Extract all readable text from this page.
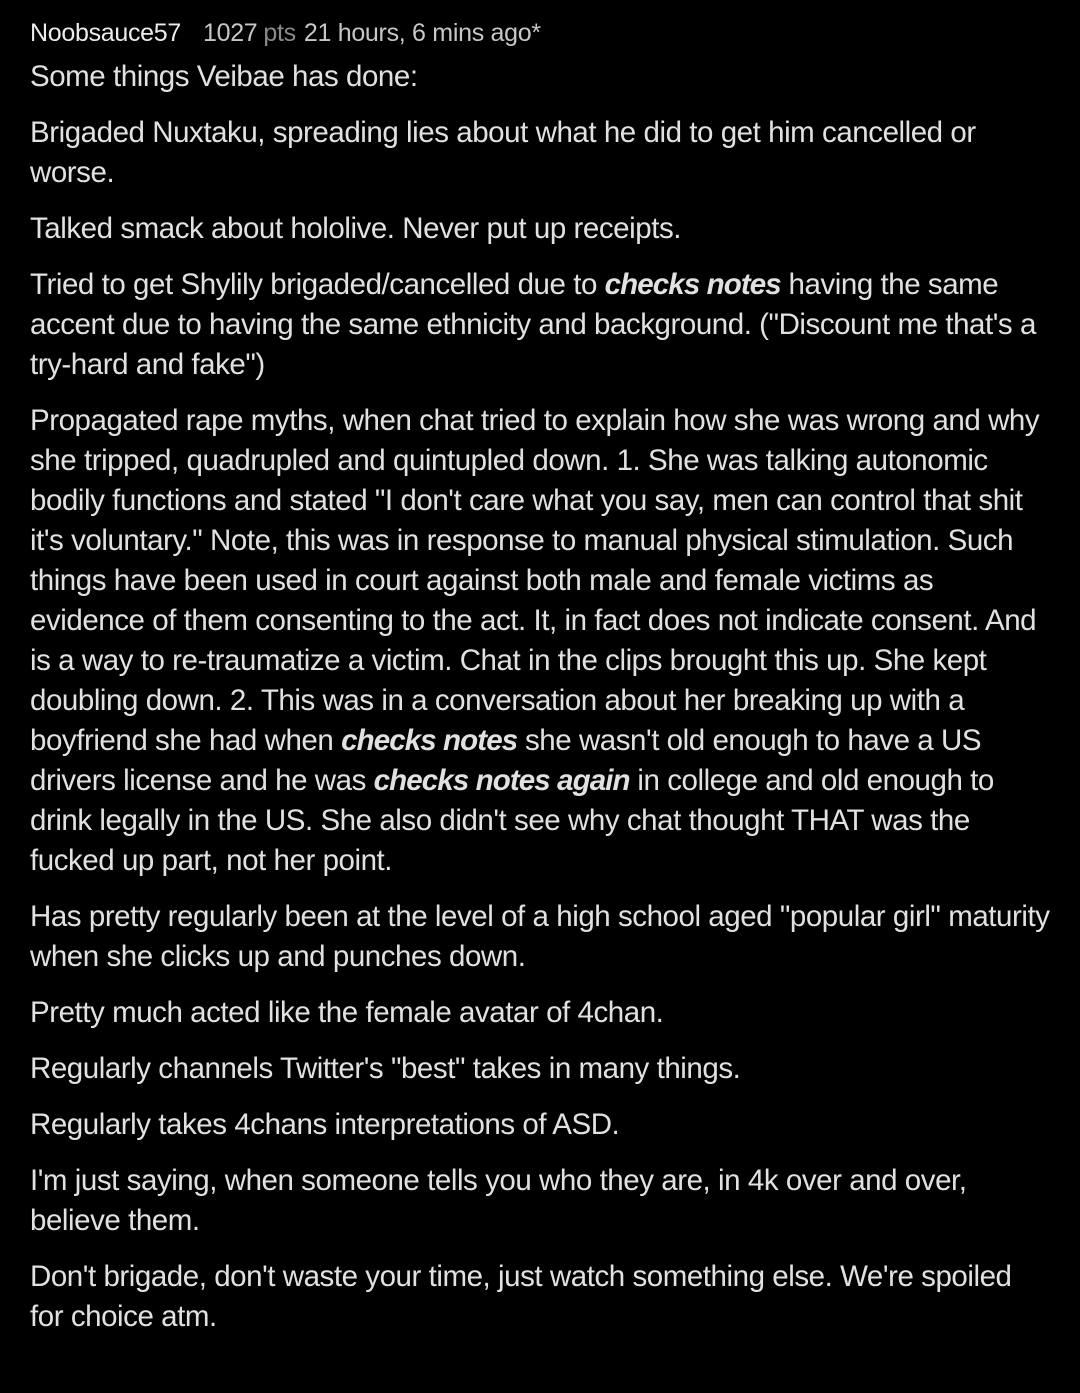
Noobsauce57 1027 pts 21 hours, 6 mins ago*

Some things Veibae has done:

Brigaded Nuxtaku, spreading lies about what he did to get him cancelled or worse.

Talked smack about hololive. Never put up receipts.

Tried to get Shylily brigaded/cancelled due to checks notes having the same accent due to having the same ethnicity and background. ("Discount me that's a try-hard and fake")

Propagated rape myths, when chat tried to explain how she was wrong and why she tripped, quadrupled and quintupled down. 1. She was talking autonomic bodily functions and stated "I don't care what you say, men can control that shit it's voluntary." Note, this was in response to manual physical stimulation. Such things have been used in court against both male and female victims as evidence of them consenting to the act. It, in fact does not indicate consent. And is a way to re-traumatize a victim. Chat in the clips brought this up. She kept doubling down. 2. This was in a conversation about her breaking up with a boyfriend she had when checks notes she wasn't old enough to have a US drivers license and he was checks notes again in college and old enough to drink legally in the US. She also didn't see why chat thought THAT was the fucked up part, not her point.

Has pretty regularly been at the level of a high school aged "popular girl" maturity when she clicks up and punches down.

Pretty much acted like the female avatar of 4chan.

Regularly channels Twitter's "best" takes in many things.

Regularly takes 4chans interpretations of ASD.

I'm just saying, when someone tells you who they are, in 4k over and over, believe them.

Don't brigade, don't waste your time, just watch something else. We're spoiled for choice atm.
